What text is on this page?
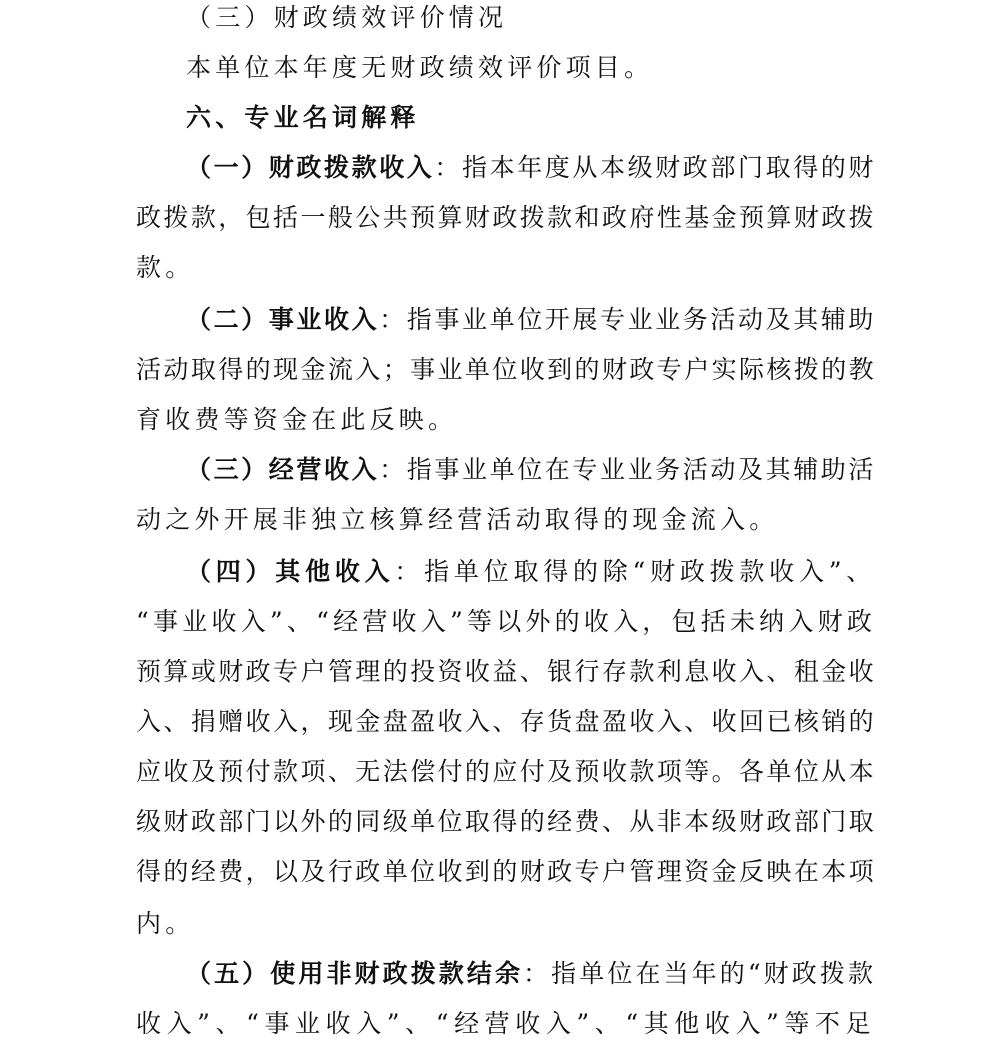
（三）财政绩效评价情况
本单位本年度无财政绩效评价项目。
六、专业名词解释
（一）财政拨款收入：指本年度从本级财政部门取得的财
政拨款，包括一般公共预算财政拨款和政府性基金预算财政拨
款。
（二）事业收入：指事业单位开展专业业务活动及其辅助
活动取得的现金流入；事业单位收到的财政专户实际核拨的教
育收费等资金在此反映。
（三）经营收入：指事业单位在专业业务活动及其辅助活
动之外开展非独立核算经营活动取得的现金流入。
（四）其他收入：指单位取得的除“财政拨款收入”、
“事业收入”、“经营收入”等以外的收入，包括未纳入财政
预算或财政专户管理的投资收益、银行存款利息收入、租金收
入、捐赠收入，现金盘盈收入、存货盘盈收入、收回已核销的
应收及预付款项、无法偿付的应付及预收款项等。各单位从本
级财政部门以外的同级单位取得的经费、从非本级财政部门取
得的经费，以及行政单位收到的财政专户管理资金反映在本项
内。
（五）使用非财政拨款结余：指单位在当年的“财政拨款
收入”、“事业收入”、“经营收入”、“其他收入”等不足
